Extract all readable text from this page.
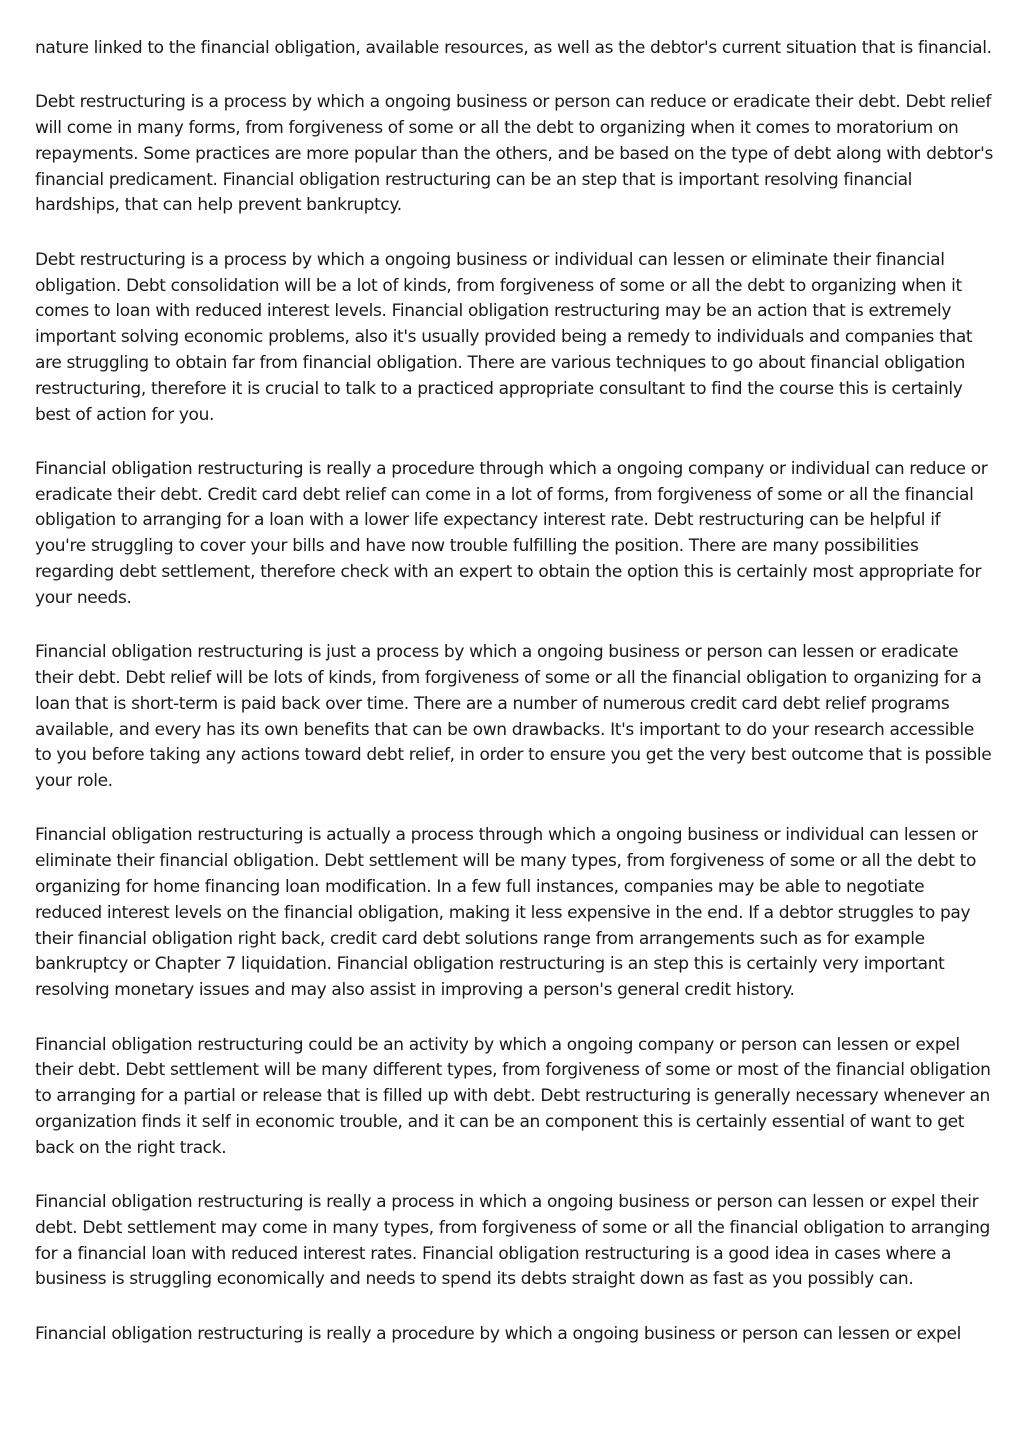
nature linked to the financial obligation, available resources, as well as the debtor's current situation that is financial.

Debt restructuring is a process by which a ongoing business or person can reduce or eradicate their debt. Debt relief will come in many forms, from forgiveness of some or all the debt to organizing when it comes to moratorium on repayments. Some practices are more popular than the others, and be based on the type of debt along with debtor's financial predicament. Financial obligation restructuring can be an step that is important resolving financial hardships, that can help prevent bankruptcy.

Debt restructuring is a process by which a ongoing business or individual can lessen or eliminate their financial obligation. Debt consolidation will be a lot of kinds, from forgiveness of some or all the debt to organizing when it comes to loan with reduced interest levels. Financial obligation restructuring may be an action that is extremely important solving economic problems, also it's usually provided being a remedy to individuals and companies that are struggling to obtain far from financial obligation. There are various techniques to go about financial obligation restructuring, therefore it is crucial to talk to a practiced appropriate consultant to find the course this is certainly best of action for you.

Financial obligation restructuring is really a procedure through which a ongoing company or individual can reduce or eradicate their debt. Credit card debt relief can come in a lot of forms, from forgiveness of some or all the financial obligation to arranging for a loan with a lower life expectancy interest rate. Debt restructuring can be helpful if you're struggling to cover your bills and have now trouble fulfilling the position. There are many possibilities regarding debt settlement, therefore check with an expert to obtain the option this is certainly most appropriate for your needs.

Financial obligation restructuring is just a process by which a ongoing business or person can lessen or eradicate their debt. Debt relief will be lots of kinds, from forgiveness of some or all the financial obligation to organizing for a loan that is short-term is paid back over time. There are a number of numerous credit card debt relief programs available, and every has its own benefits that can be own drawbacks. It's important to do your research accessible to you before taking any actions toward debt relief, in order to ensure you get the very best outcome that is possible your role.

Financial obligation restructuring is actually a process through which a ongoing business or individual can lessen or eliminate their financial obligation. Debt settlement will be many types, from forgiveness of some or all the debt to organizing for home financing loan modification. In a few full instances, companies may be able to negotiate reduced interest levels on the financial obligation, making it less expensive in the end. If a debtor struggles to pay their financial obligation right back, credit card debt solutions range from arrangements such as for example bankruptcy or Chapter 7 liquidation. Financial obligation restructuring is an step this is certainly very important resolving monetary issues and may also assist in improving a person's general credit history.

Financial obligation restructuring could be an activity by which a ongoing company or person can lessen or expel their debt. Debt settlement will be many different types, from forgiveness of some or most of the financial obligation to arranging for a partial or release that is filled up with debt. Debt restructuring is generally necessary whenever an organization finds it self in economic trouble, and it can be an component this is certainly essential of want to get back on the right track.

Financial obligation restructuring is really a process in which a ongoing business or person can lessen or expel their debt. Debt settlement may come in many types, from forgiveness of some or all the financial obligation to arranging for a financial loan with reduced interest rates. Financial obligation restructuring is a good idea in cases where a business is struggling economically and needs to spend its debts straight down as fast as you possibly can.

Financial obligation restructuring is really a procedure by which a ongoing business or person can lessen or expel
